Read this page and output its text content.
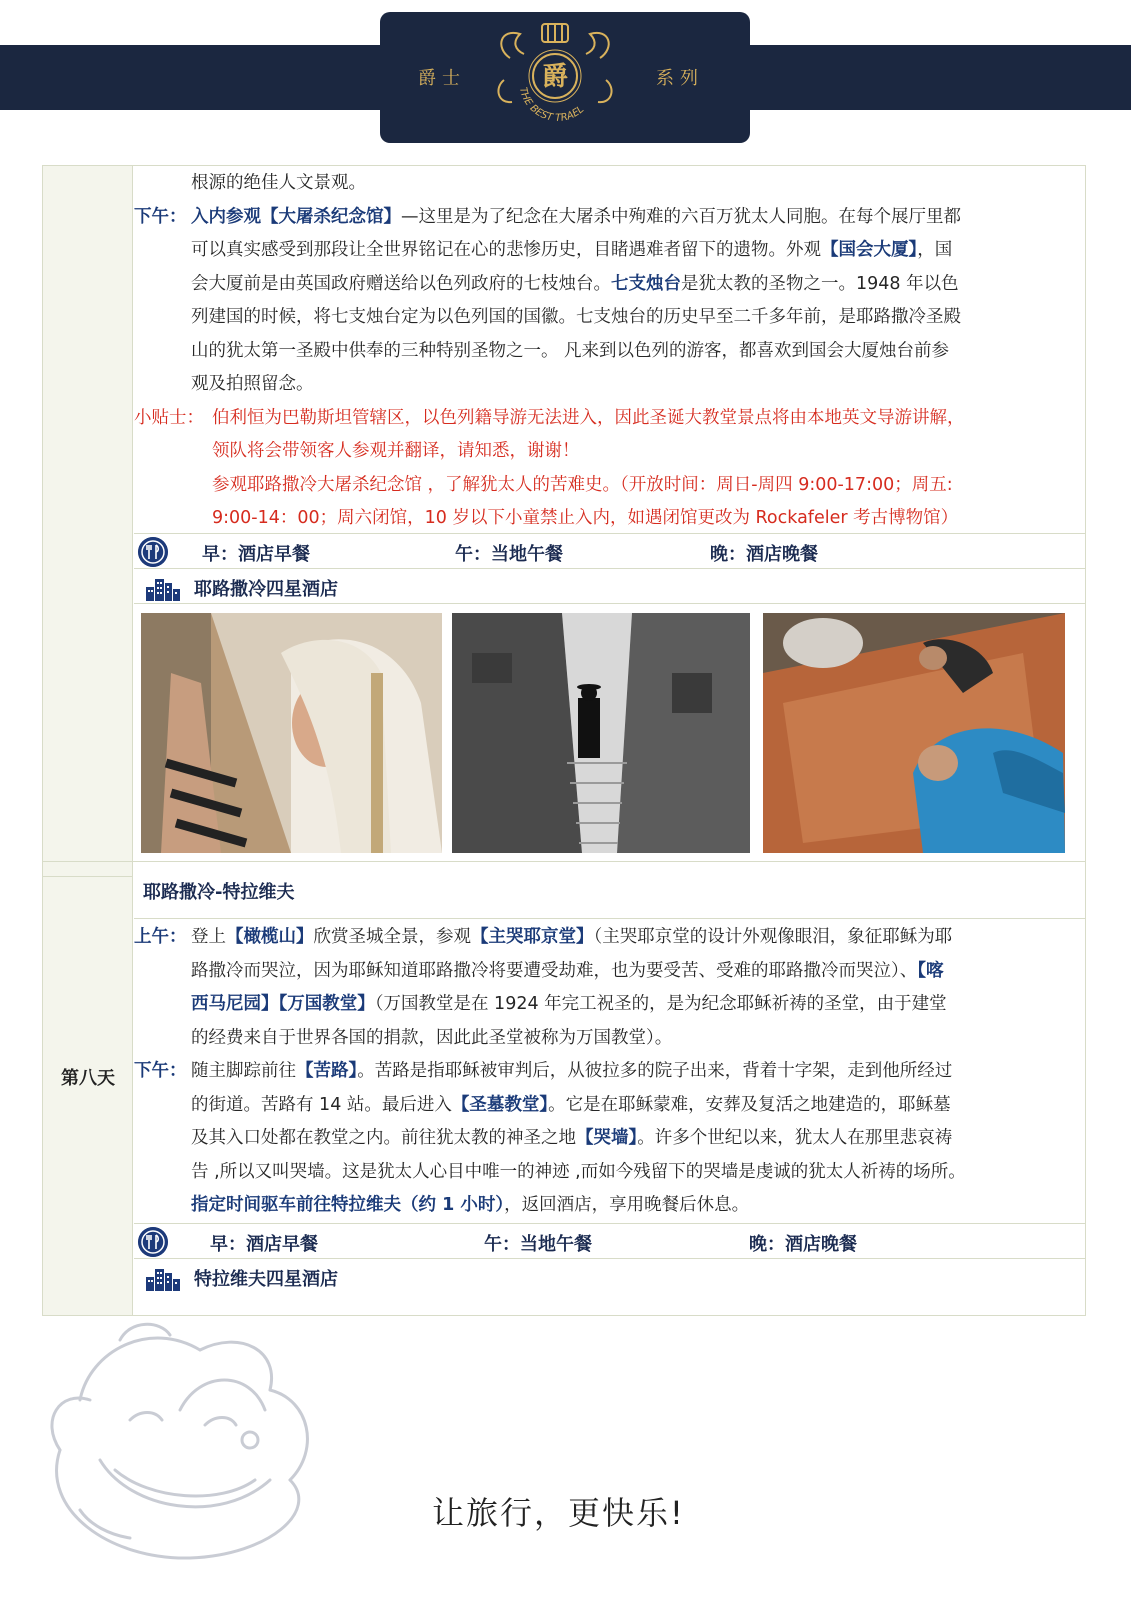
爵士	系列
爵
THE BEST TRAEL
第八天
根源的绝佳人文景观。
下午： 入内参观【大屠杀纪念馆】—这里是为了纪念在大屠杀中殉难的六百万犹太人同胞。在每个展厅里都
可以真实感受到那段让全世界铭记在心的悲惨历史，目睹遇难者留下的遗物。外观【国会大厦】，国
会大厦前是由英国政府赠送给以色列政府的七枝烛台。七支烛台是犹太教的圣物之一。1948 年以色
列建国的时候，将七支烛台定为以色列国的国徽。七支烛台的历史早至二千多年前，是耶路撒冷圣殿
山的犹太第一圣殿中供奉的三种特别圣物之一。 凡来到以色列的游客，都喜欢到国会大厦烛台前参
观及拍照留念。
小贴士： 伯利恒为巴勒斯坦管辖区，以色列籍导游无法进入，因此圣诞大教堂景点将由本地英文导游讲解，
领队将会带领客人参观并翻译，请知悉，谢谢！
参观耶路撒冷大屠杀纪念馆 ，了解犹太人的苦难史。（开放时间：周日-周四 9:00-17:00；周五:
9:00-14：00；周六闭馆，10 岁以下小童禁止入内，如遇闭馆更改为 Rockafeler 考古博物馆）
早：酒店早餐	午：当地午餐	晚：酒店晚餐
耶路撒冷四星酒店
耶路撒冷-特拉维夫
上午： 登上【橄榄山】欣赏圣城全景，参观【主哭耶京堂】（主哭耶京堂的设计外观像眼泪，象征耶稣为耶
路撒冷而哭泣，因为耶稣知道耶路撒冷将要遭受劫难，也为要受苦、受难的耶路撒冷而哭泣）、【喀
西马尼园】【万国教堂】（万国教堂是在 1924 年完工祝圣的，是为纪念耶稣祈祷的圣堂，由于建堂
的经费来自于世界各国的捐款，因此此圣堂被称为万国教堂）。
下午： 随主脚踪前往【苦路】。苦路是指耶稣被审判后，从彼拉多的院子出来，背着十字架，走到他所经过
的街道。苦路有 14 站。最后进入【圣墓教堂】。它是在耶稣蒙难，安葬及复活之地建造的，耶稣墓
及其入口处都在教堂之内。前往犹太教的神圣之地【哭墙】。许多个世纪以来，犹太人在那里悲哀祷
告 ,所以又叫哭墙。这是犹太人心目中唯一的神迹 ,而如今残留下的哭墙是虔诚的犹太人祈祷的场所。
指定时间驱车前往特拉维夫（约 1 小时），返回酒店，享用晚餐后休息。
早：酒店早餐	午：当地午餐	晚：酒店晚餐
特拉维夫四星酒店
让旅行，更快乐!
